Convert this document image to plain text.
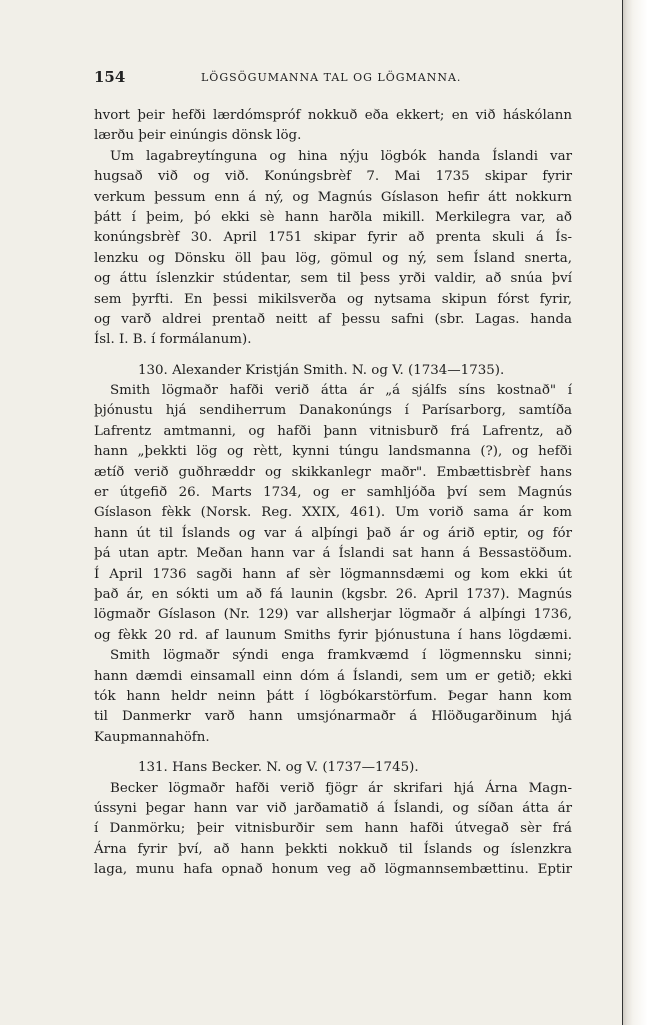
154	LÖGSÖGUMANNA TAL OG LÖGMANNA.
hvort þeir hefði lærdómspróf nokkuð eða ekkert; en við háskólann
lærðu þeir einúngis dönsk lög.
Um lagabreytínguna og hina nýju lögbók handa Íslandi var
hugsað við og við. Konúngsbrèf 7. Mai 1735 skipar fyrir
verkum þessum enn á ný, og Magnús Gíslason hefir átt nokkurn
þátt í þeim, þó ekki sè hann harðla mikill. Merkilegra var, að
konúngsbrèf 30. April 1751 skipar fyrir að prenta skuli á Ís-
lenzku og Dönsku öll þau lög, gömul og ný, sem Ísland snerta,
og áttu íslenzkir stúdentar, sem til þess yrði valdir, að snúa því
sem þyrfti. En þessi mikilsverða og nytsama skipun fórst fyrir,
og varð aldrei prentað neitt af þessu safni (sbr. Lagas. handa
Ísl. I. B. í formálanum).
130. Alexander Kristján Smith. N. og V. (1734—1735).
Smith lögmaðr hafði verið átta ár „á sjálfs síns kostnað" í
þjónustu hjá sendiherrum Danakonúngs í Parísarborg, samtíða
Lafrentz amtmanni, og hafði þann vitnisburð frá Lafrentz, að
hann „þekkti lög og rètt, kynni túngu landsmanna (?), og hefði
ætíð verið guðhræddr og skikkanlegr maðr". Embættisbrèf hans
er útgefið 26. Marts 1734, og er samhljóða því sem Magnús
Gíslason fèkk (Norsk. Reg. XXIX, 461). Um vorið sama ár kom
hann út til Íslands og var á alþíngi það ár og árið eptir, og fór
þá utan aptr. Meðan hann var á Íslandi sat hann á Bessastöðum.
Í April 1736 sagði hann af sèr lögmannsdæmi og kom ekki út
það ár, en sókti um að fá launin (kgsbr. 26. April 1737). Magnús
lögmaðr Gíslason (Nr. 129) var allsherjar lögmaðr á alþíngi 1736,
og fèkk 20 rd. af launum Smiths fyrir þjónustuna í hans lögdæmi.
Smith lögmaðr sýndi enga framkvæmd í lögmennsku sinni;
hann dæmdi einsamall einn dóm á Íslandi, sem um er getið; ekki
tók hann heldr neinn þátt í lögbókarstörfum. Þegar hann kom
til Danmerkr varð hann umsjónarmaðr á Hlöðugarðinum hjá
Kaupmannahöfn.
131. Hans Becker. N. og V. (1737—1745).
Becker lögmaðr hafði verið fjögr ár skrifari hjá Árna Magn-
ússyni þegar hann var við jarðamatið á Íslandi, og síðan átta ár
í Danmörku; þeir vitnisburðir sem hann hafði útvegað sèr frá
Árna fyrir því, að hann þekkti nokkuð til Íslands og íslenzkra
laga, munu hafa opnað honum veg að lögmannsembættinu. Eptir
